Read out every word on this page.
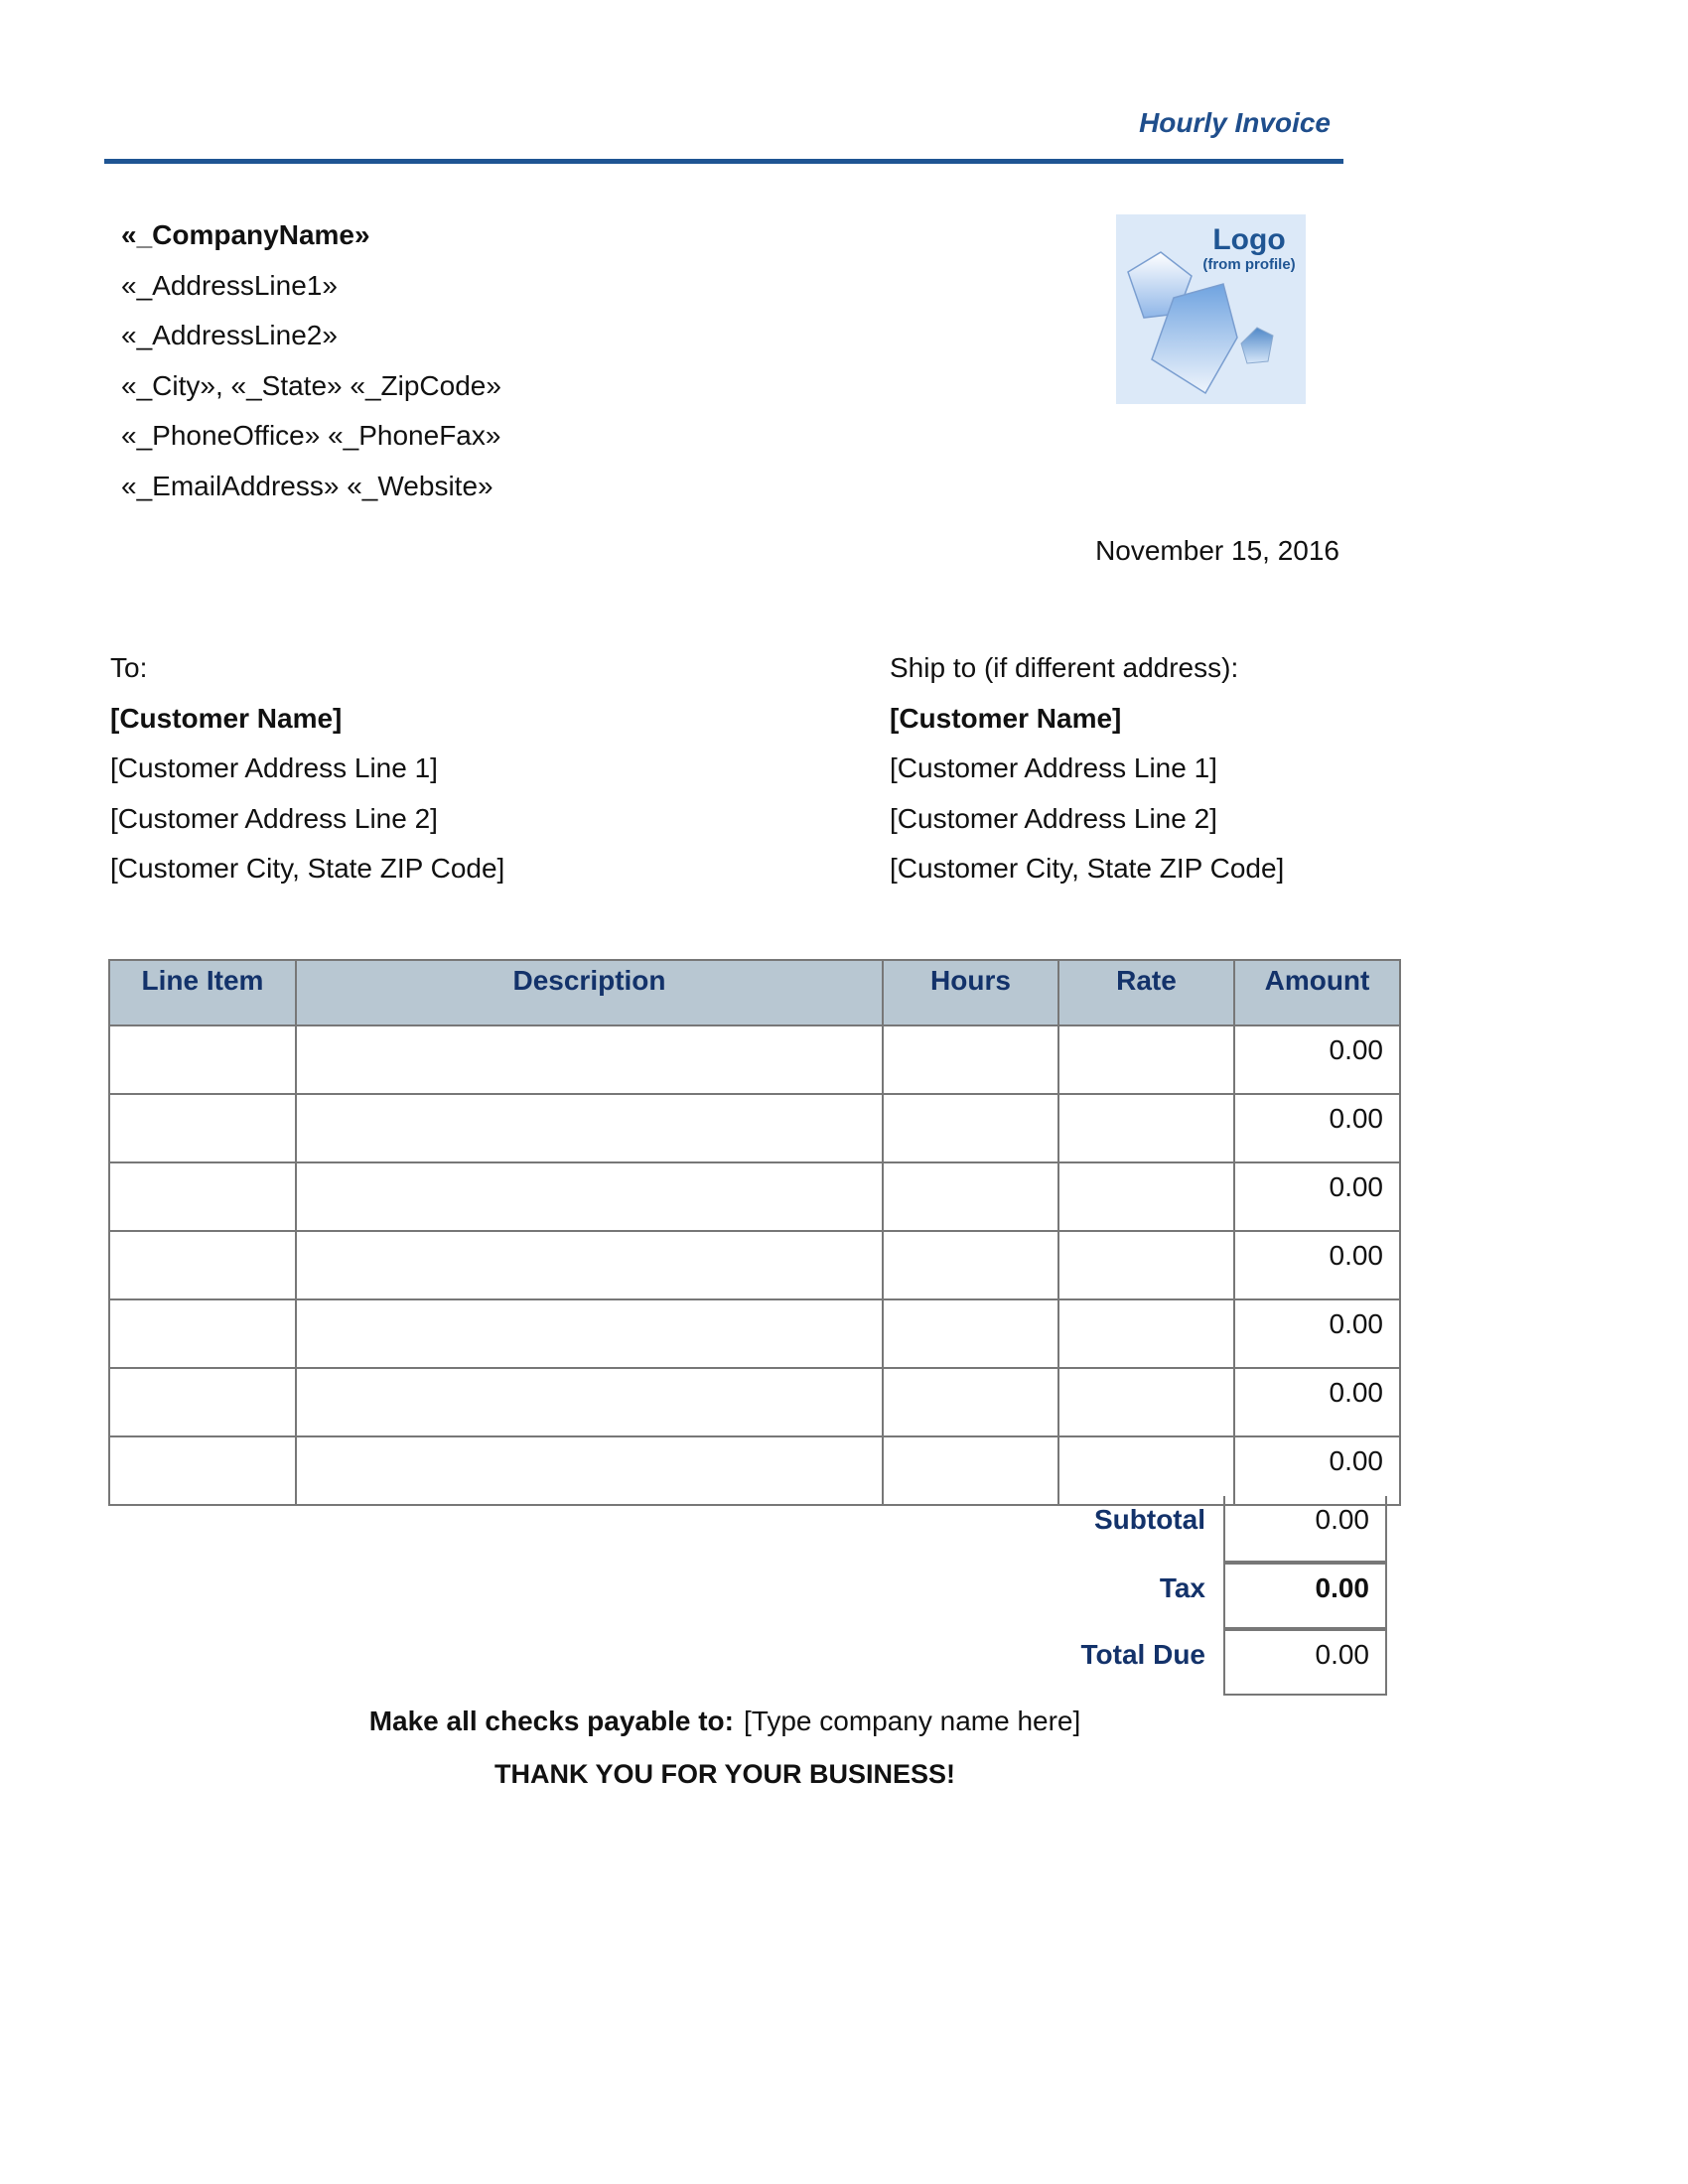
Hourly Invoice
«_CompanyName»
«_AddressLine1»
«_AddressLine2»
«_City», «_State» «_ZipCode»
«_PhoneOffice» «_PhoneFax»
«_EmailAddress» «_Website»
Logo
(from profile)
November 15, 2016
To:
[Customer Name]
[Customer Address Line 1]
[Customer Address Line 2]
[Customer City, State ZIP Code]
Ship to (if different address):
[Customer Name]
[Customer Address Line 1]
[Customer Address Line 2]
[Customer City, State ZIP Code]
Line Item	Description	Hours	Rate	Amount
				0.00
				0.00
				0.00
				0.00
				0.00
				0.00
				0.00
Subtotal	0.00
Tax	0.00
Total Due	0.00
Make all checks payable to: [Type company name here]
THANK YOU FOR YOUR BUSINESS!
